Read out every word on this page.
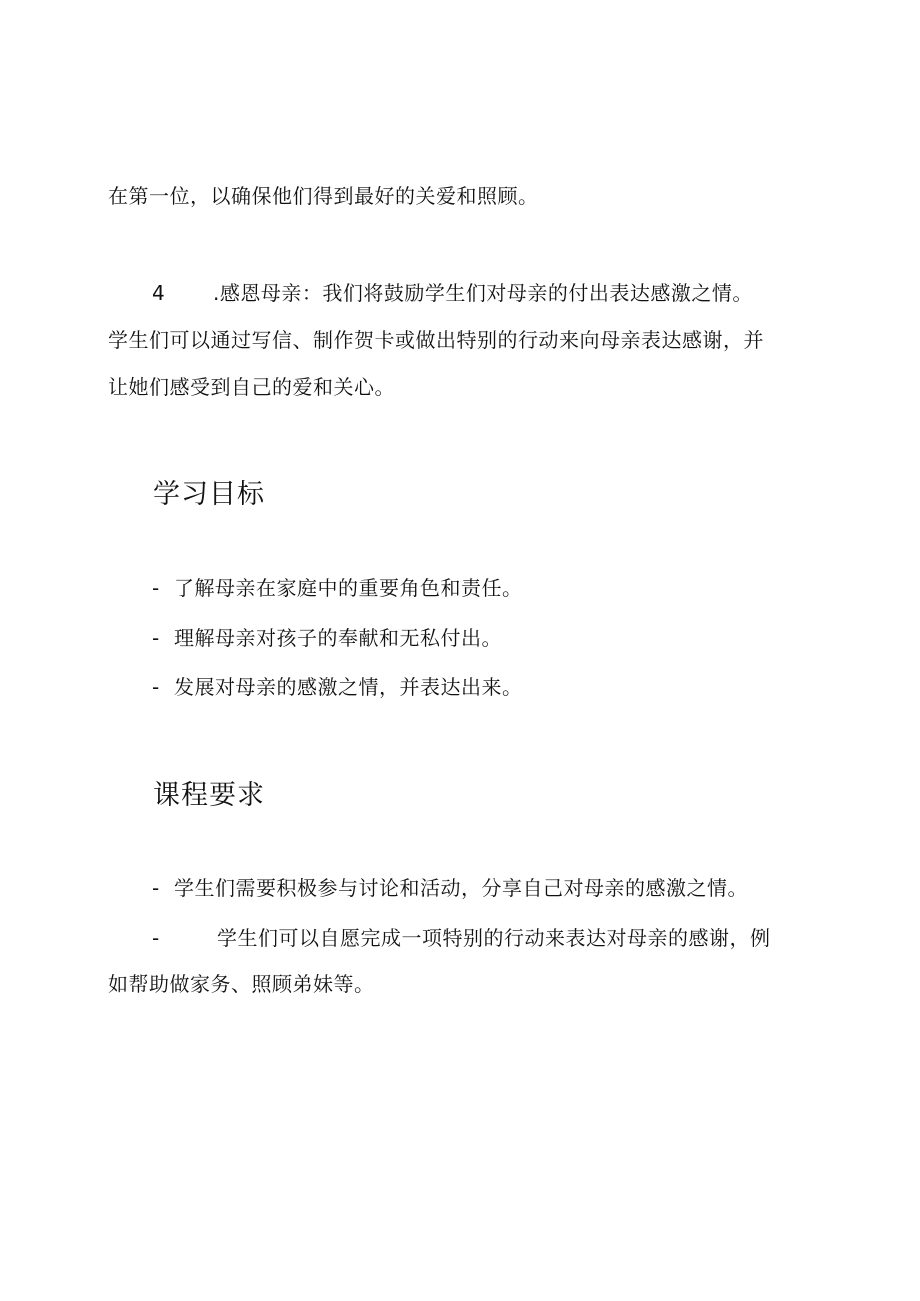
在第一位，以确保他们得到最好的关爱和照顾。
4 .感恩母亲：我们将鼓励学生们对母亲的付出表达感激之情。
学生们可以通过写信、制作贺卡或做出特别的行动来向母亲表达感谢，并
让她们感受到自己的爱和关心。
学习目标
- 了解母亲在家庭中的重要角色和责任。
- 理解母亲对孩子的奉献和无私付出。
- 发展对母亲的感激之情，并表达出来。
课程要求
- 学生们需要积极参与讨论和活动，分享自己对母亲的感激之情。
-	学生们可以自愿完成一项特别的行动来表达对母亲的感谢，例
如帮助做家务、照顾弟妹等。
